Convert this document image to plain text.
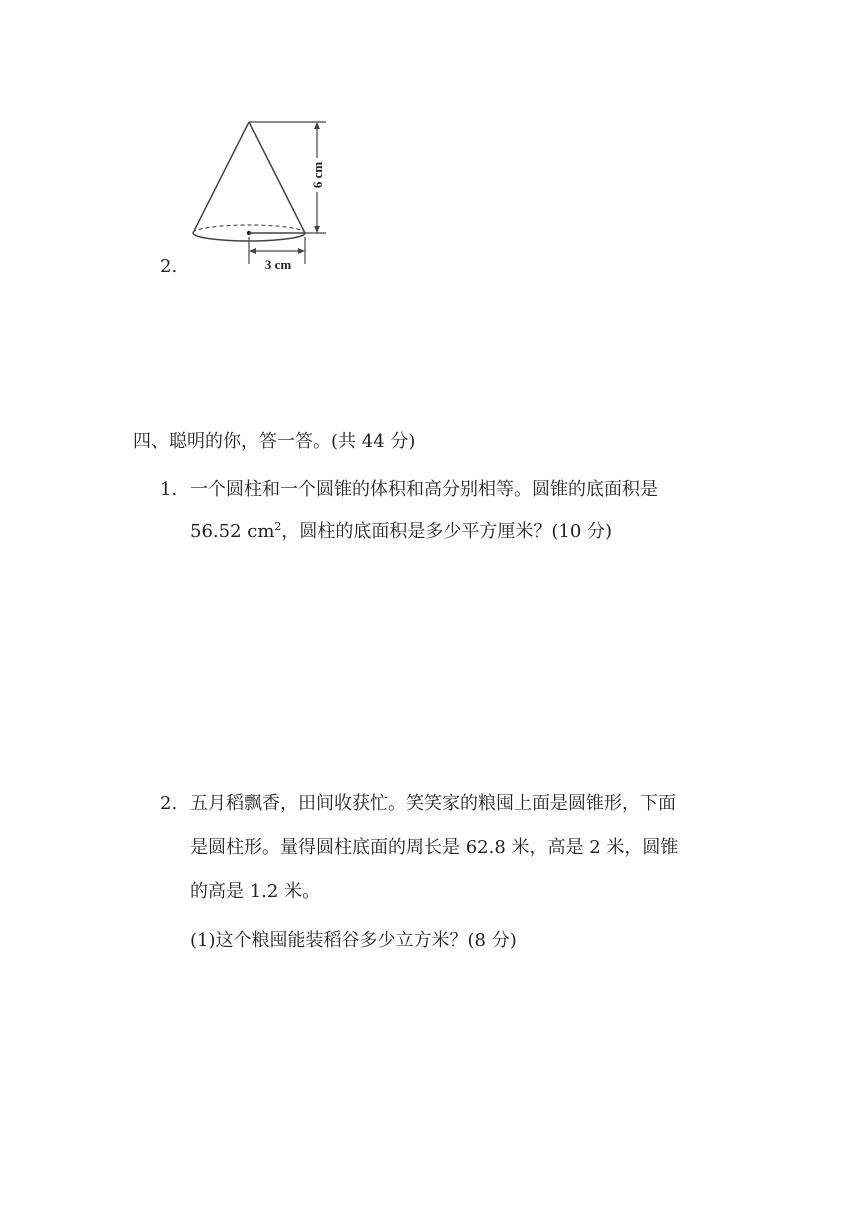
2.
6 cm
3 cm
四、聪明的你，答一答。(共 44 分)
1. 一个圆柱和一个圆锥的体积和高分别相等。圆锥的底面积是
56.52 $cm^2$，圆柱的底面积是多少平方厘米？(10 分)
2. 五月稻飘香，田间收获忙。笑笑家的粮囤上面是圆锥形，下面
是圆柱形。量得圆柱底面的周长是 62.8 米，高是 2 米，圆锥
的高是 1.2 米。
(1)这个粮囤能装稻谷多少立方米？(8 分)
